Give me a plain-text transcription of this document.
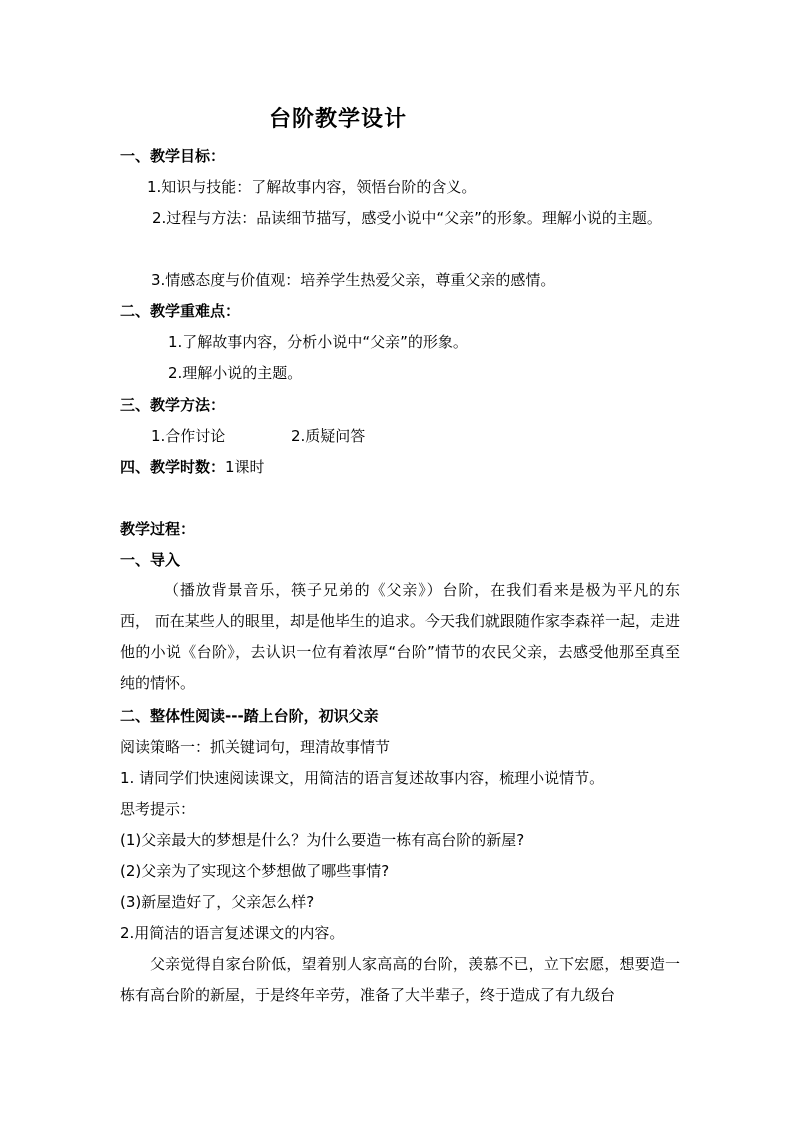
台阶教学设计

一、教学目标：

1.知识与技能：了解故事内容，领悟台阶的含义。

2.过程与方法：品读细节描写，感受小说中“父亲”的形象。理解小说的主题。

3.情感态度与价值观：培养学生热爱父亲，尊重父亲的感情。

二、教学重难点：

1.了解故事内容，分析小说中“父亲”的形象。

2.理解小说的主题。

三、教学方法：

1.合作讨论	2.质疑问答

四、教学时数：1课时

教学过程：

一、导入

（播放背景音乐，筷子兄弟的《父亲》）台阶，在我们看来是极为平凡的东西， 而在某些人的眼里，却是他毕生的追求。今天我们就跟随作家李森祥一起，走进他的小说《台阶》，去认识一位有着浓厚“台阶”情节的农民父亲，去感受他那至真至纯的情怀。

二、整体性阅读---踏上台阶，初识父亲

阅读策略一：抓关键词句，理清故事情节

1. 请同学们快速阅读课文，用简洁的语言复述故事内容，梳理小说情节。

思考提示：

(1)父亲最大的梦想是什么？为什么要造一栋有高台阶的新屋?

(2)父亲为了实现这个梦想做了哪些事情?

(3)新屋造好了，父亲怎么样?

2.用简洁的语言复述课文的内容。

父亲觉得自家台阶低，望着别人家高高的台阶，羡慕不已，立下宏愿，想要造一栋有高台阶的新屋，于是终年辛劳，准备了大半辈子，终于造成了有九级台
